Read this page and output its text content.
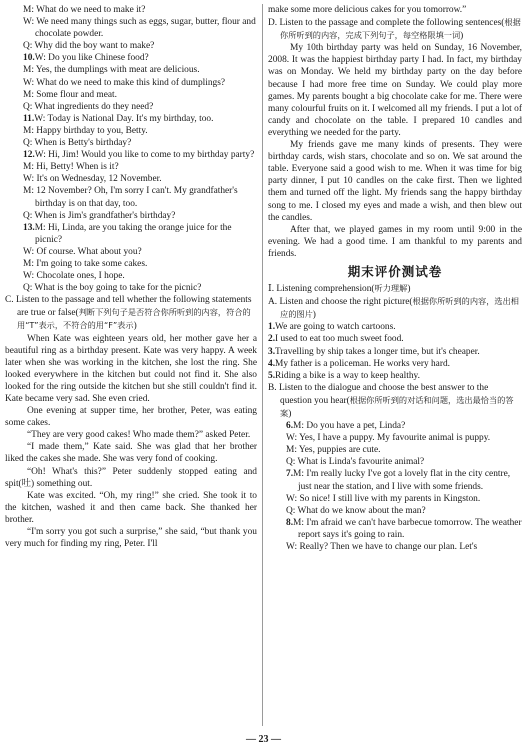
M: What do we need to make it?

W: We need many things such as eggs, sugar, butter, flour and chocolate powder.

Q: Why did the boy want to make?

10.W: Do you like Chinese food?

M: Yes, the dumplings with meat are delicious.

W: What do we need to make this kind of dumplings?

M: Some flour and meat.

Q: What ingredients do they need?

11.W: Today is National Day. It's my birthday, too.

M: Happy birthday to you, Betty.

Q: When is Betty's birthday?

12.W: Hi, Jim! Would you like to come to my birthday party?

M: Hi, Betty! When is it?

W: It's on Wednesday, 12 November.

M: 12 November? Oh, I'm sorry I can't. My grandfather's birthday is on that day, too.

Q: When is Jim's grandfather's birthday?

13.M: Hi, Linda, are you taking the orange juice for the picnic?

W: Of course. What about you?

M: I'm going to take some cakes.

W: Chocolate ones, I hope.

Q: What is the boy going to take for the picnic?

C. Listen to the passage and tell whether the following statements are true or false(判断下列句子是否符合你所听到的内容，符合的用“T”表示，不符合的用“F”表示)

When Kate was eighteen years old, her mother gave her a beautiful ring as a birthday present. Kate was very happy. A week later when she was working in the kitchen, she lost the ring. She looked everywhere in the kitchen but could not find it. She also looked for the ring outside the kitchen but she still couldn't find it. Kate became very sad. She even cried.

One evening at supper time, her brother, Peter, was eating some cakes.

“They are very good cakes! Who made them?” asked Peter.

“I made them,” Kate said. She was glad that her brother liked the cakes she made. She was very fond of cooking.

“Oh! What's this?” Peter suddenly stopped eating and spit(吐) something out.

Kate was excited. “Oh, my ring!” she cried. She took it to the kitchen, washed it and then came back. She thanked her brother.

“I'm sorry you got such a surprise,” she said, “but thank you very much for finding my ring, Peter. I'll

make some more delicious cakes for you tomorrow.”

D. Listen to the passage and complete the following sentences(根据你所听到的内容，完成下列句子，每空格限填一词)

My 10th birthday party was held on Sunday, 16 November, 2008. It was the happiest birthday party I had. In fact, my birthday was on Monday. We held my birthday party on the day before because I had more free time on Sunday. We could play more games. My parents bought a big chocolate cake for me. There were many colourful fruits on it. I welcomed all my friends. I put a lot of candy and chocolate on the table. I prepared 10 candles and everything we needed for the party.

My friends gave me many kinds of presents. They were birthday cards, wish stars, chocolate and so on. We sat around the table. Everyone said a good wish to me. When it was time for big party dinner, I put 10 candles on the cake first. Then we lighted them and turned off the light. My friends sang the happy birthday song to me. I closed my eyes and made a wish, and then blew out the candles.

After that, we played games in my room until 9:00 in the evening. We had a good time. I am thankful to my parents and friends.

期末评价测试卷

Ⅰ. Listening comprehension(听力理解)

A. Listen and choose the right picture(根据你所听到的内容，选出相应的图片)

1.We are going to watch cartoons.

2.I used to eat too much sweet food.

3.Travelling by ship takes a longer time, but it's cheaper.

4.My father is a policeman. He works very hard.

5.Riding a bike is a way to keep healthy.

B. Listen to the dialogue and choose the best answer to the question you hear(根据你所听到的对话和问题，选出最恰当的答案)

6.M: Do you have a pet, Linda?

W: Yes, I have a puppy. My favourite animal is puppy.

M: Yes, puppies are cute.

Q: What is Linda's favourite animal?

7.M: I'm really lucky I've got a lovely flat in the city centre, just near the station, and I live with some friends.

W: So nice! I still live with my parents in Kingston.

Q: What do we know about the man?

8.M: I'm afraid we can't have barbecue tomorrow. The weather report says it's going to rain.

W: Really? Then we have to change our plan. Let's

— 23 —
